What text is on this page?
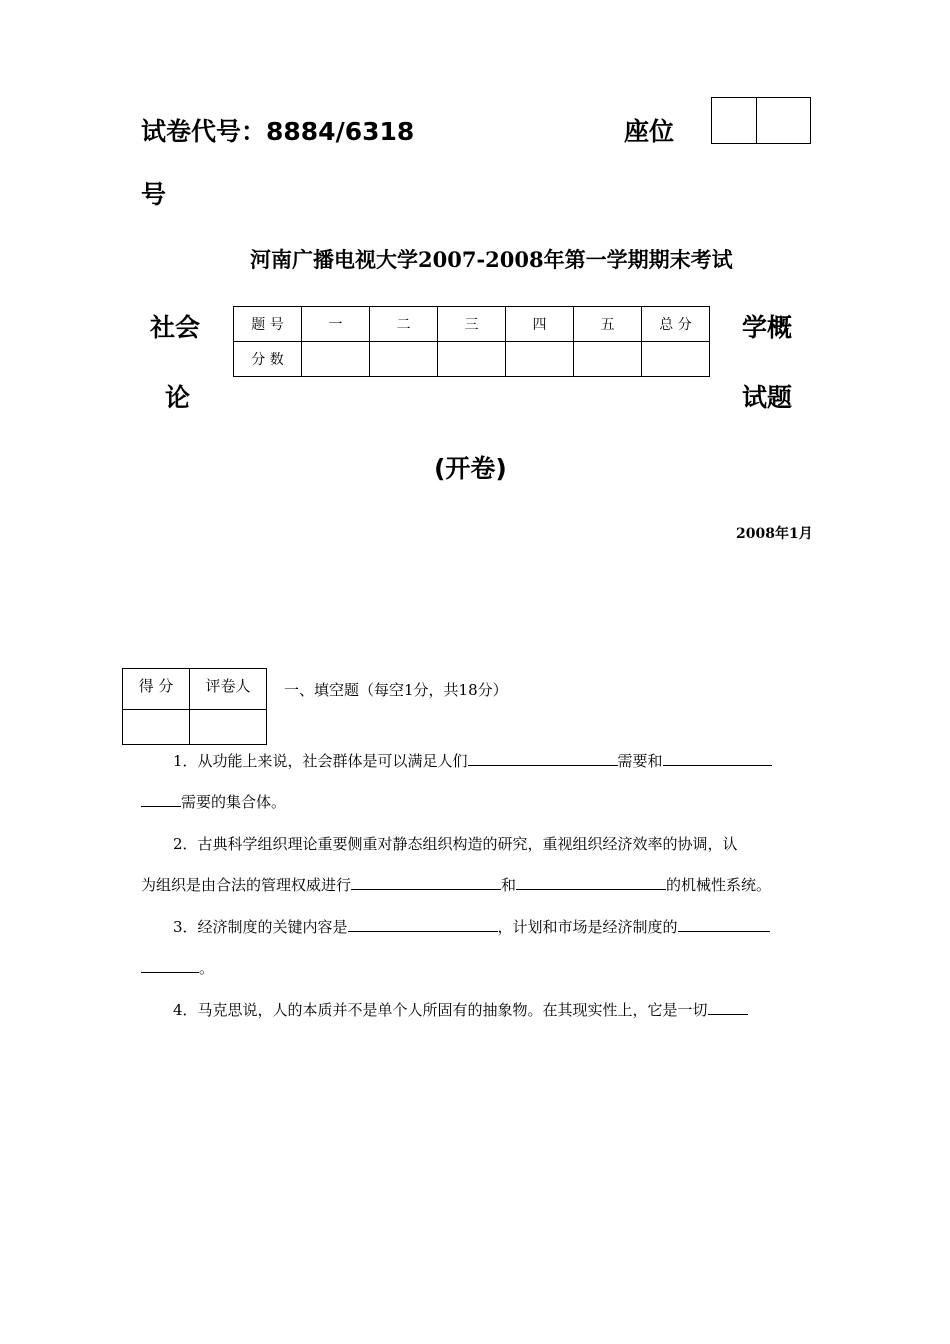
试卷代号：8884/6318	座位
号
河南广播电视大学2007-2008年第一学期期末考试
社会
论
学概
试题
题 号	一	二	三	四	五	总 分
分 数						
(开卷)
2008年1月
得 分	评卷人
	一、填空题（每空1分，共18分）
1．从功能上来说，社会群体是可以满足人们	需要和
需要的集合体。
2．古典科学组织理论重要侧重对静态组织构造的研究，重视组织经济效率的协调，认
为组织是由合法的管理权威进行	和	的机械性系统。
3．经济制度的关键内容是	，计划和市场是经济制度的
。
4．马克思说，人的本质并不是单个人所固有的抽象物。在其现实性上，它是一切
